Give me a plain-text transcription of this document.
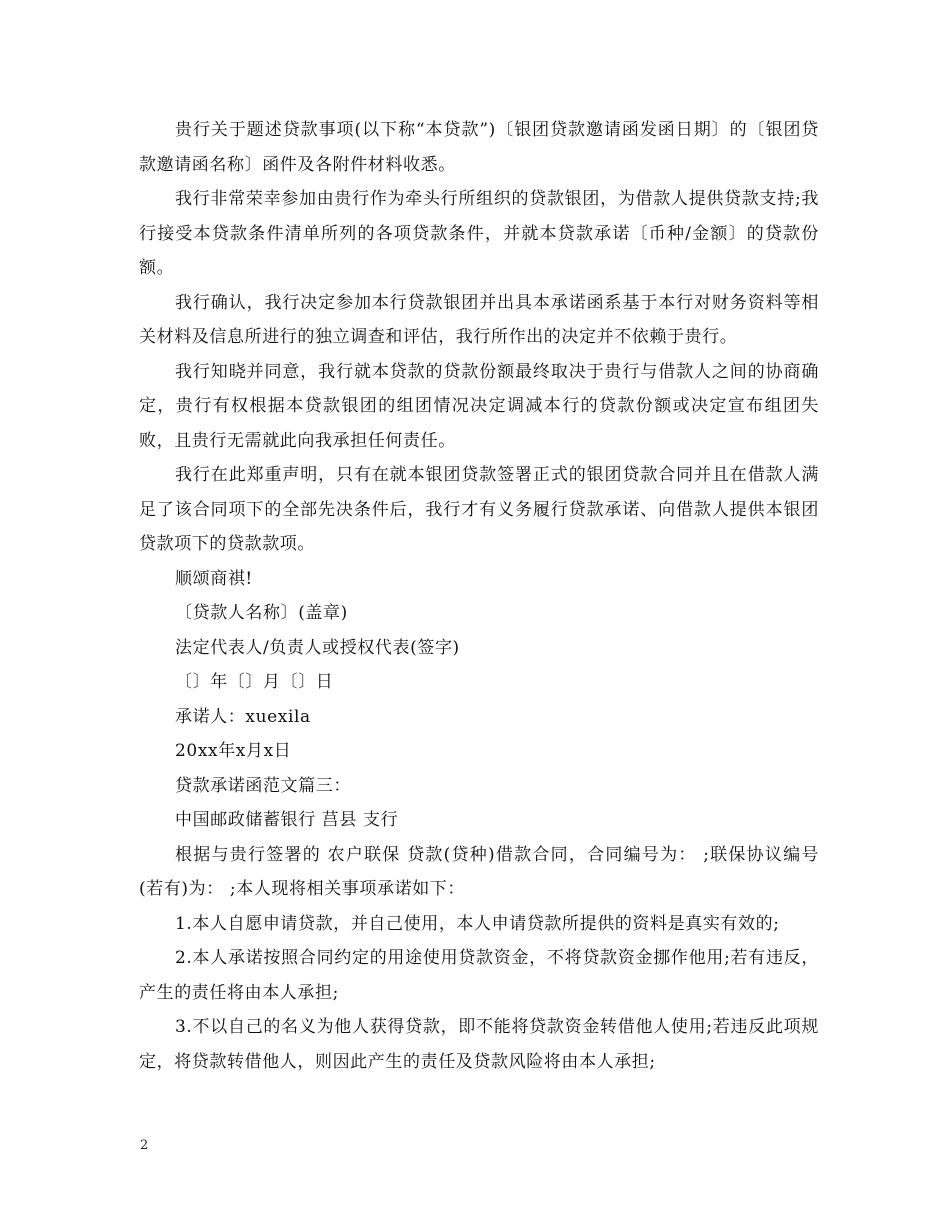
贵行关于题述贷款事项(以下称“本贷款”)〔银团贷款邀请函发函日期〕的〔银团贷款邀请函名称〕函件及各附件材料收悉。

我行非常荣幸参加由贵行作为牵头行所组织的贷款银团，为借款人提供贷款支持;我行接受本贷款条件清单所列的各项贷款条件，并就本贷款承诺〔币种/金额〕的贷款份额。

我行确认，我行决定参加本行贷款银团并出具本承诺函系基于本行对财务资料等相关材料及信息所进行的独立调查和评估，我行所作出的决定并不依赖于贵行。

我行知晓并同意，我行就本贷款的贷款份额最终取决于贵行与借款人之间的协商确定，贵行有权根据本贷款银团的组团情况决定调减本行的贷款份额或决定宣布组团失败，且贵行无需就此向我承担任何责任。

我行在此郑重声明，只有在就本银团贷款签署正式的银团贷款合同并且在借款人满足了该合同项下的全部先决条件后，我行才有义务履行贷款承诺、向借款人提供本银团贷款项下的贷款款项。

顺颂商祺!

〔贷款人名称〕(盖章)

法定代表人/负责人或授权代表(签字)

〔〕年〔〕月〔〕日

承诺人：xuexila

20xx年x月x日

贷款承诺函范文篇三：

中国邮政储蓄银行 莒县 支行

根据与贵行签署的 农户联保 贷款(贷种)借款合同，合同编号为： ;联保协议编号(若有)为： ;本人现将相关事项承诺如下：

1.本人自愿申请贷款，并自己使用，本人申请贷款所提供的资料是真实有效的;

2.本人承诺按照合同约定的用途使用贷款资金，不将贷款资金挪作他用;若有违反，产生的责任将由本人承担;

3.不以自己的名义为他人获得贷款，即不能将贷款资金转借他人使用;若违反此项规定，将贷款转借他人，则因此产生的责任及贷款风险将由本人承担;

2
